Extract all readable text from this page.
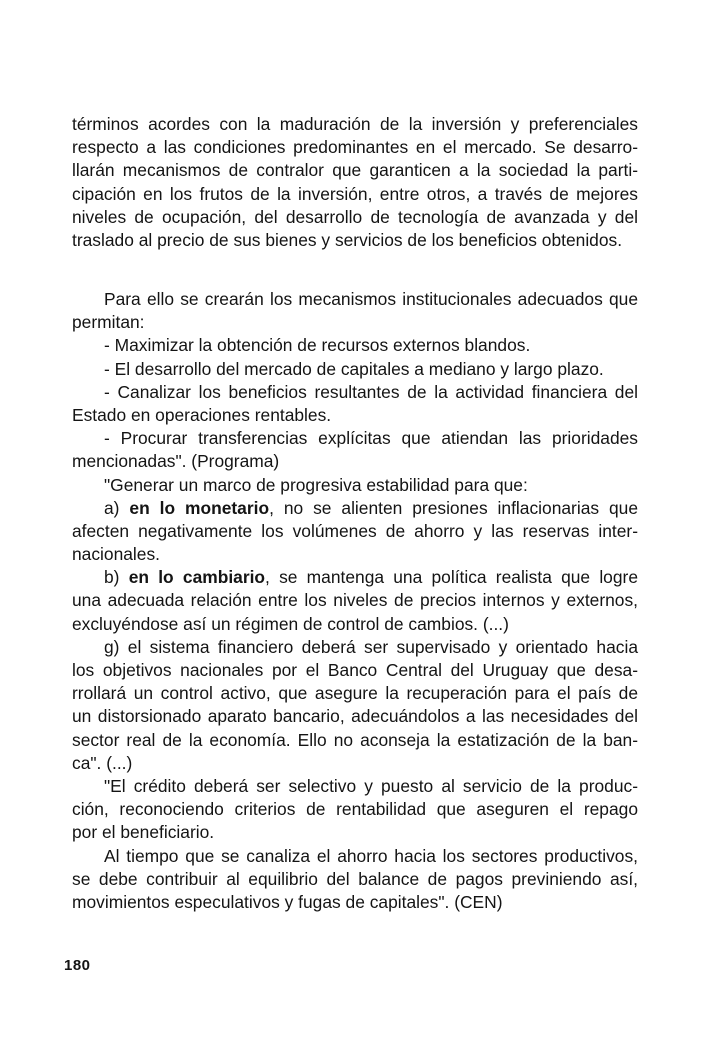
términos acordes con la maduración de la inversión y preferenciales
respecto a las condiciones predominantes en el mercado. Se desarro-
llarán mecanismos de contralor que garanticen a la sociedad la parti-
cipación en los frutos de la inversión, entre otros, a través de mejores
niveles de ocupación, del desarrollo de tecnología de avanzada y del
traslado al precio de sus bienes y servicios de los beneficios obtenidos.
Para ello se crearán los mecanismos institucionales adecuados que
permitan:
- Maximizar la obtención de recursos externos blandos.
- El desarrollo del mercado de capitales a mediano y largo plazo.
- Canalizar los beneficios resultantes de la actividad financiera del
Estado en operaciones rentables.
- Procurar transferencias explícitas que atiendan las prioridades
mencionadas". (Programa)
"Generar un marco de progresiva estabilidad para que:
a) en lo monetario, no se alienten presiones inflacionarias que
afecten negativamente los volúmenes de ahorro y las reservas inter-
nacionales.
b) en lo cambiario, se mantenga una política realista que logre
una adecuada relación entre los niveles de precios internos y externos,
excluyéndose así un régimen de control de cambios. (...)
g) el sistema financiero deberá ser supervisado y orientado hacia
los objetivos nacionales por el Banco Central del Uruguay que desa-
rrollará un control activo, que asegure la recuperación para el país de
un distorsionado aparato bancario, adecuándolos a las necesidades del
sector real de la economía. Ello no aconseja la estatización de la ban-
ca". (...)
"El crédito deberá ser selectivo y puesto al servicio de la produc-
ción, reconociendo criterios de rentabilidad que aseguren el repago
por el beneficiario.
Al tiempo que se canaliza el ahorro hacia los sectores productivos,
se debe contribuir al equilibrio del balance de pagos previniendo así,
movimientos especulativos y fugas de capitales". (CEN)
180
